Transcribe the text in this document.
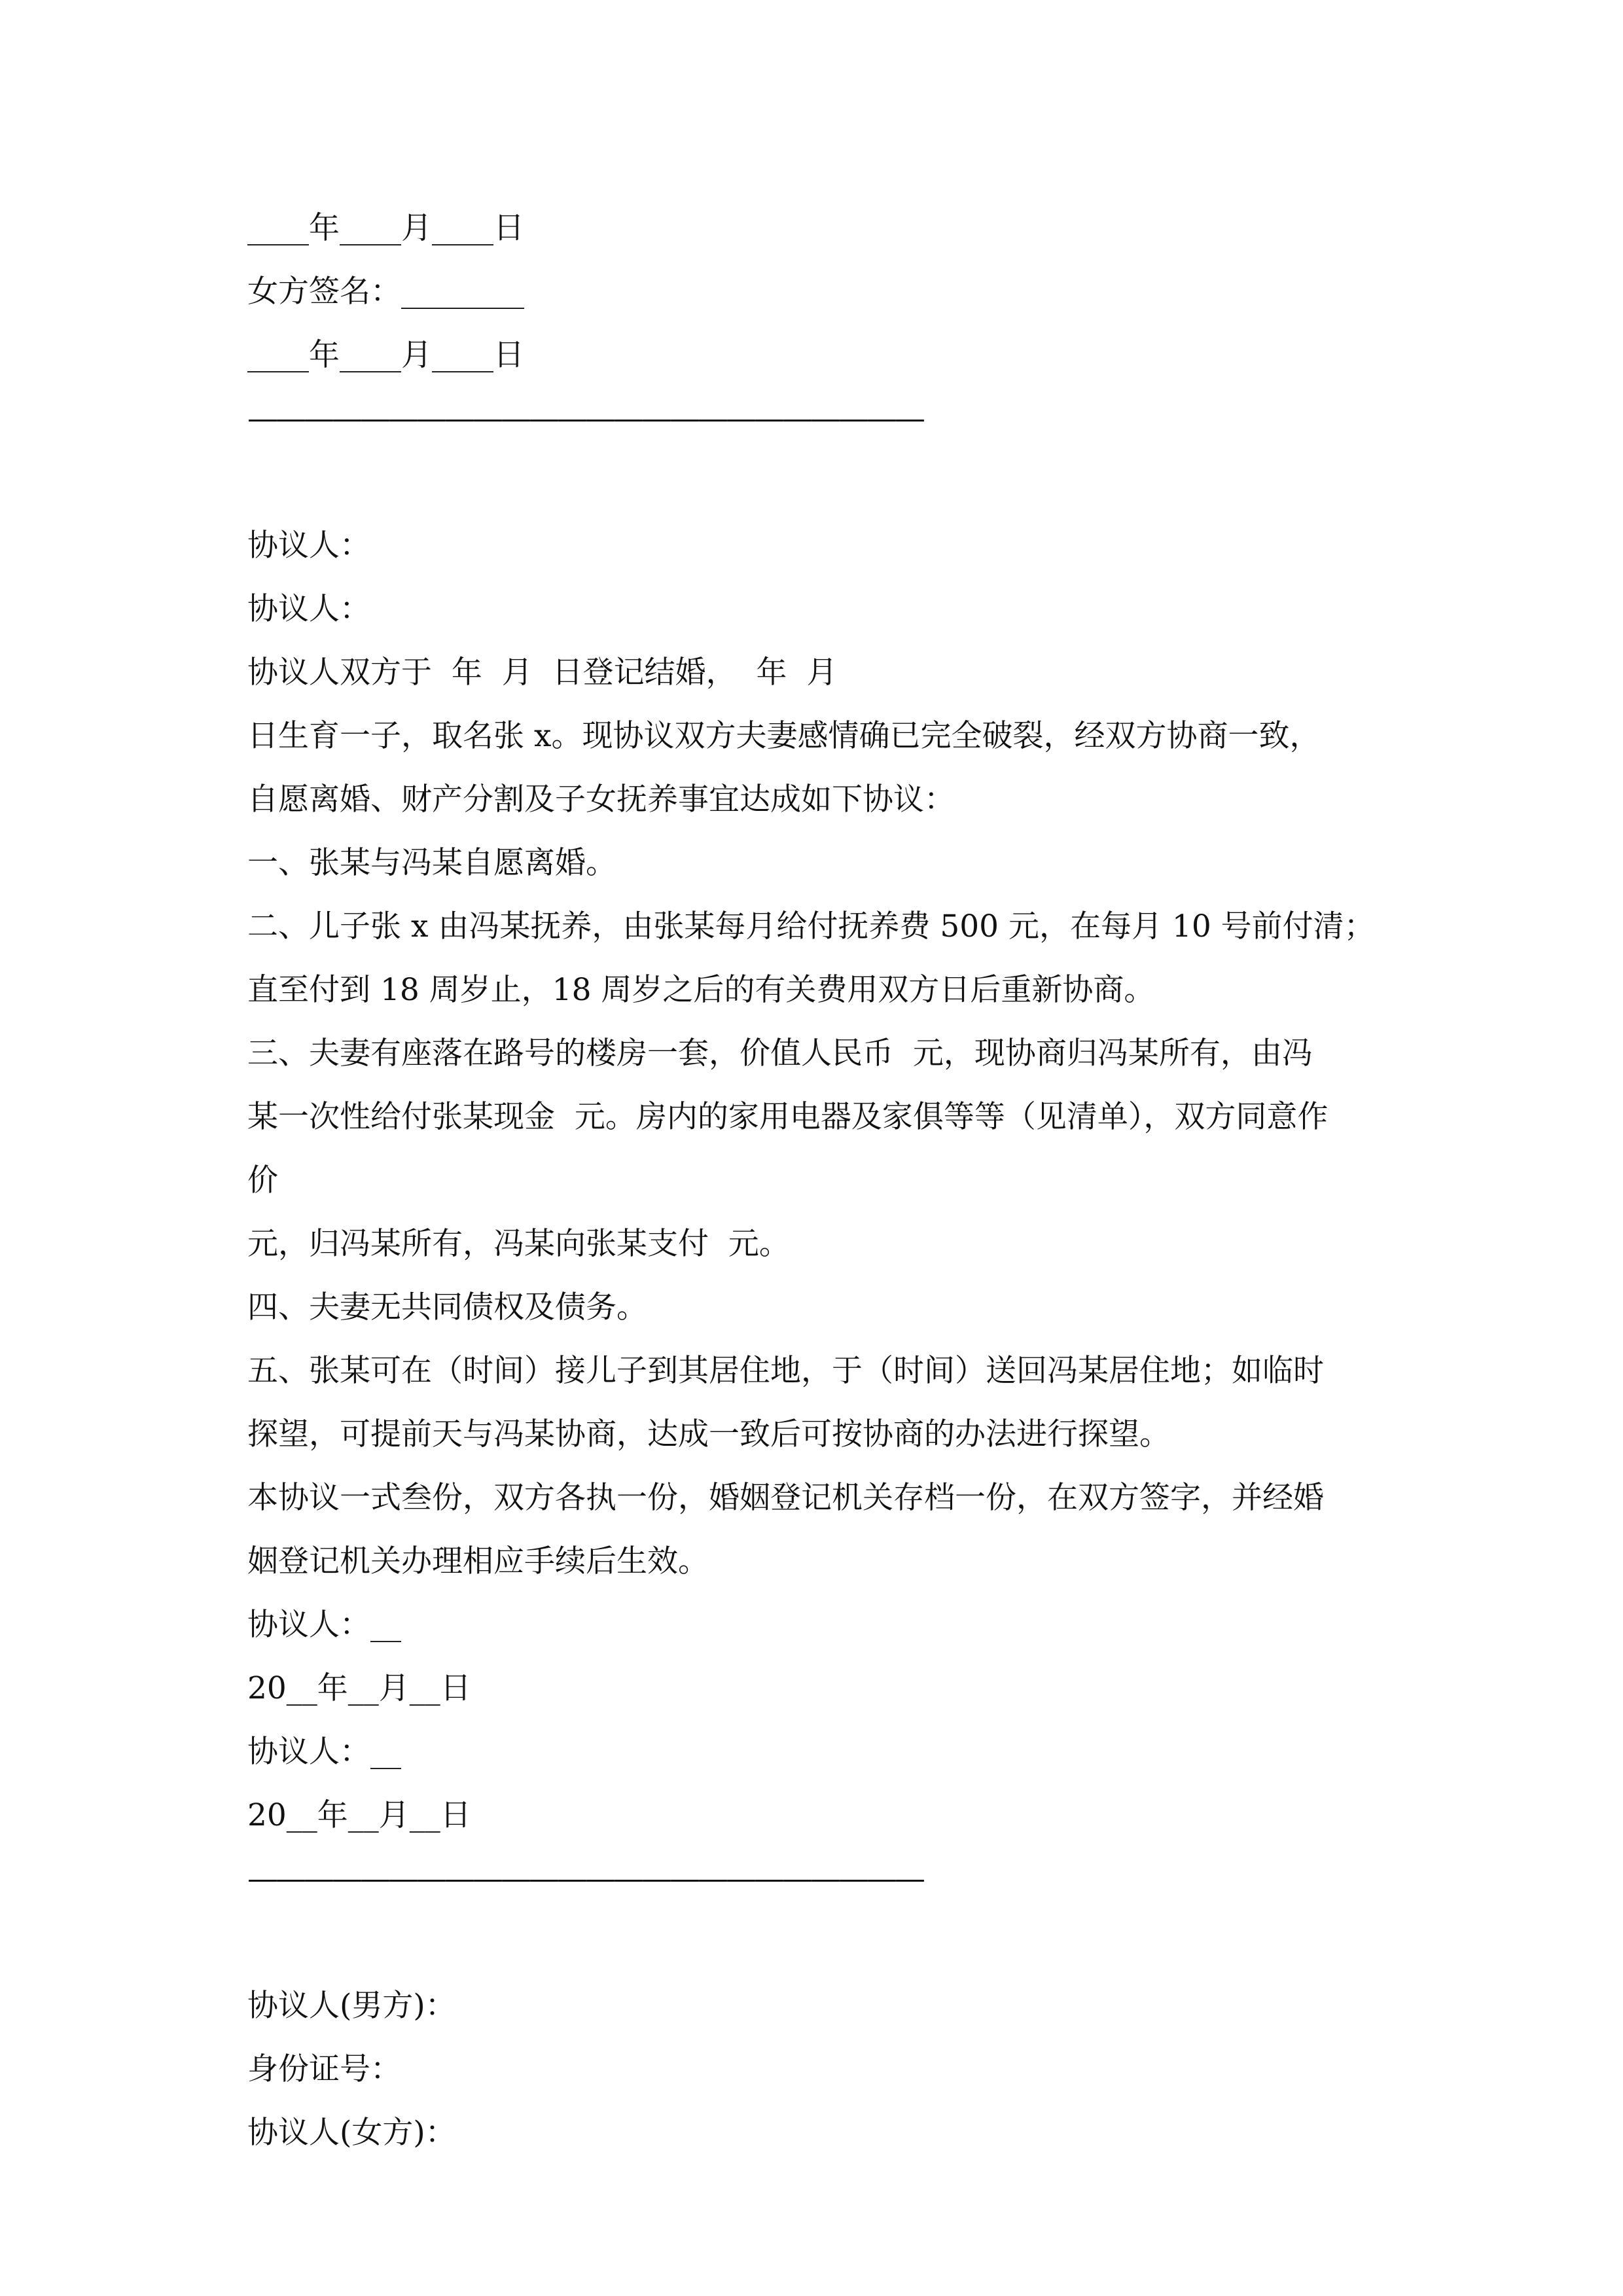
____年____月____日
女方签名：________
____年____月____日
————————————————————————
协议人：
协议人：
协议人双方于  年  月  日登记结婚，  年  月
日生育一子，取名张 x。现协议双方夫妻感情确已完全破裂，经双方协商一致，
自愿离婚、财产分割及子女抚养事宜达成如下协议：
一、张某与冯某自愿离婚。
二、儿子张 x 由冯某抚养，由张某每月给付抚养费 500 元，在每月 10 号前付清；
直至付到 18 周岁止，18 周岁之后的有关费用双方日后重新协商。
三、夫妻有座落在路号的楼房一套，价值人民币  元，现协商归冯某所有，由冯
某一次性给付张某现金  元。房内的家用电器及家俱等等（见清单），双方同意作
价
元，归冯某所有，冯某向张某支付  元。
四、夫妻无共同债权及债务。
五、张某可在（时间）接儿子到其居住地，于（时间）送回冯某居住地；如临时
探望，可提前天与冯某协商，达成一致后可按协商的办法进行探望。
本协议一式叁份，双方各执一份，婚姻登记机关存档一份，在双方签字，并经婚
姻登记机关办理相应手续后生效。
协议人：__
20__年__月__日
协议人：__
20__年__月__日
————————————————————————
协议人(男方)：
身份证号：
协议人(女方)：
